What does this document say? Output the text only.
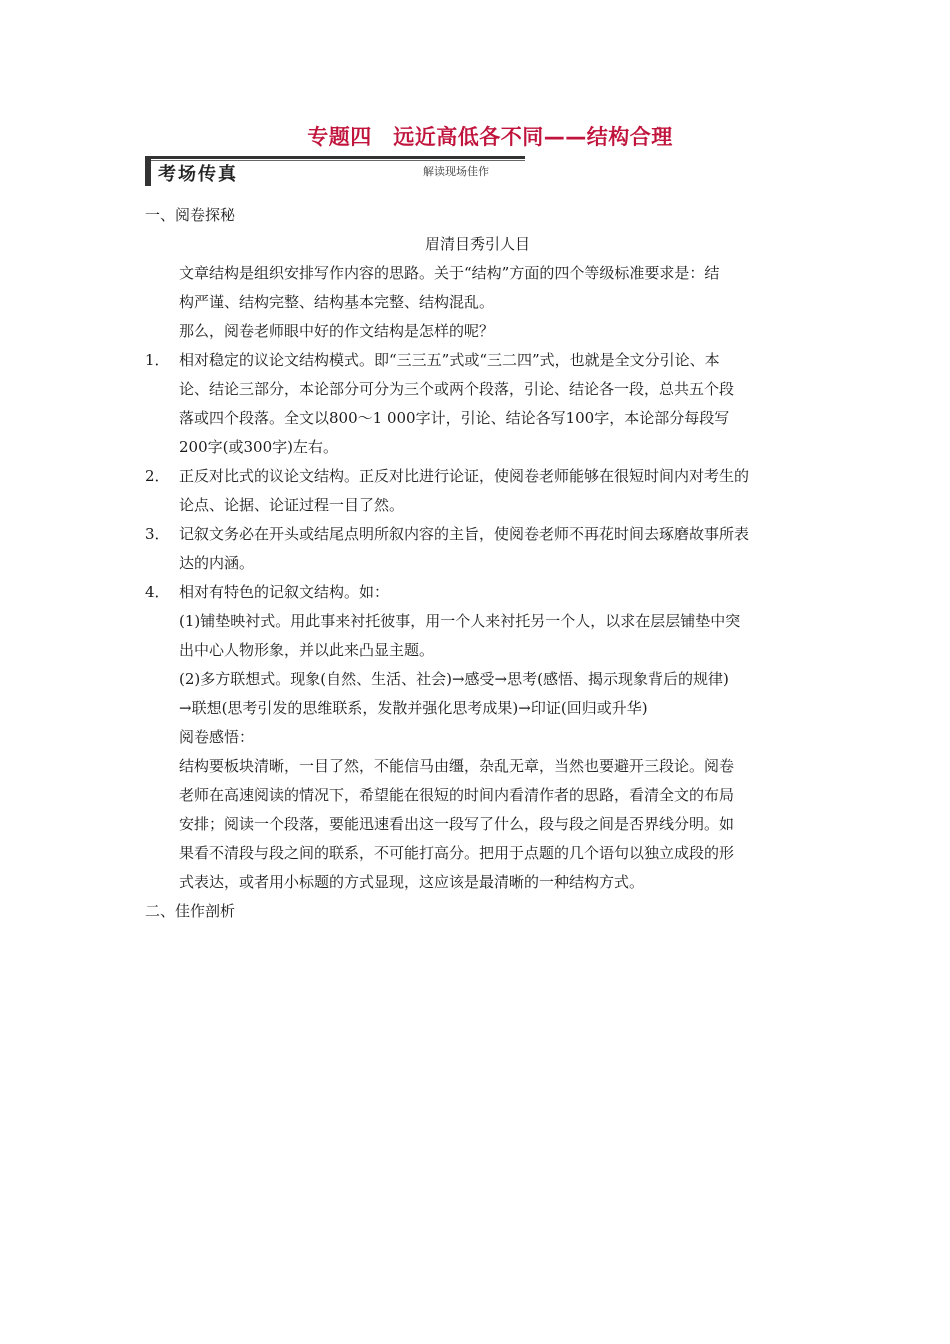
专题四　远近高低各不同——结构合理
考场传真	解读现场佳作
一、阅卷探秘
眉清目秀引人目
文章结构是组织安排写作内容的思路。关于“结构”方面的四个等级标准要求是：结
构严谨、结构完整、结构基本完整、结构混乱。
那么，阅卷老师眼中好的作文结构是怎样的呢？
1． 相对稳定的议论文结构模式。即“三三五”式或“三二四”式，也就是全文分引论、本
论、结论三部分，本论部分可分为三个或两个段落，引论、结论各一段，总共五个段
落或四个段落。全文以800～1 000字计，引论、结论各写100字，本论部分每段写
200字(或300字)左右。
2． 正反对比式的议论文结构。正反对比进行论证，使阅卷老师能够在很短时间内对考生的
论点、论据、论证过程一目了然。
3． 记叙文务必在开头或结尾点明所叙内容的主旨，使阅卷老师不再花时间去琢磨故事所表
达的内涵。
4． 相对有特色的记叙文结构。如：
(1)铺垫映衬式。用此事来衬托彼事，用一个人来衬托另一个人，以求在层层铺垫中突
出中心人物形象，并以此来凸显主题。
(2)多方联想式。现象(自然、生活、社会)→感受→思考(感悟、揭示现象背后的规律)
→联想(思考引发的思维联系，发散并强化思考成果)→印证(回归或升华)
阅卷感悟：
结构要板块清晰，一目了然，不能信马由缰，杂乱无章，当然也要避开三段论。阅卷
老师在高速阅读的情况下，希望能在很短的时间内看清作者的思路，看清全文的布局
安排；阅读一个段落，要能迅速看出这一段写了什么，段与段之间是否界线分明。如
果看不清段与段之间的联系，不可能打高分。把用于点题的几个语句以独立成段的形
式表达，或者用小标题的方式显现，这应该是最清晰的一种结构方式。
二、佳作剖析
